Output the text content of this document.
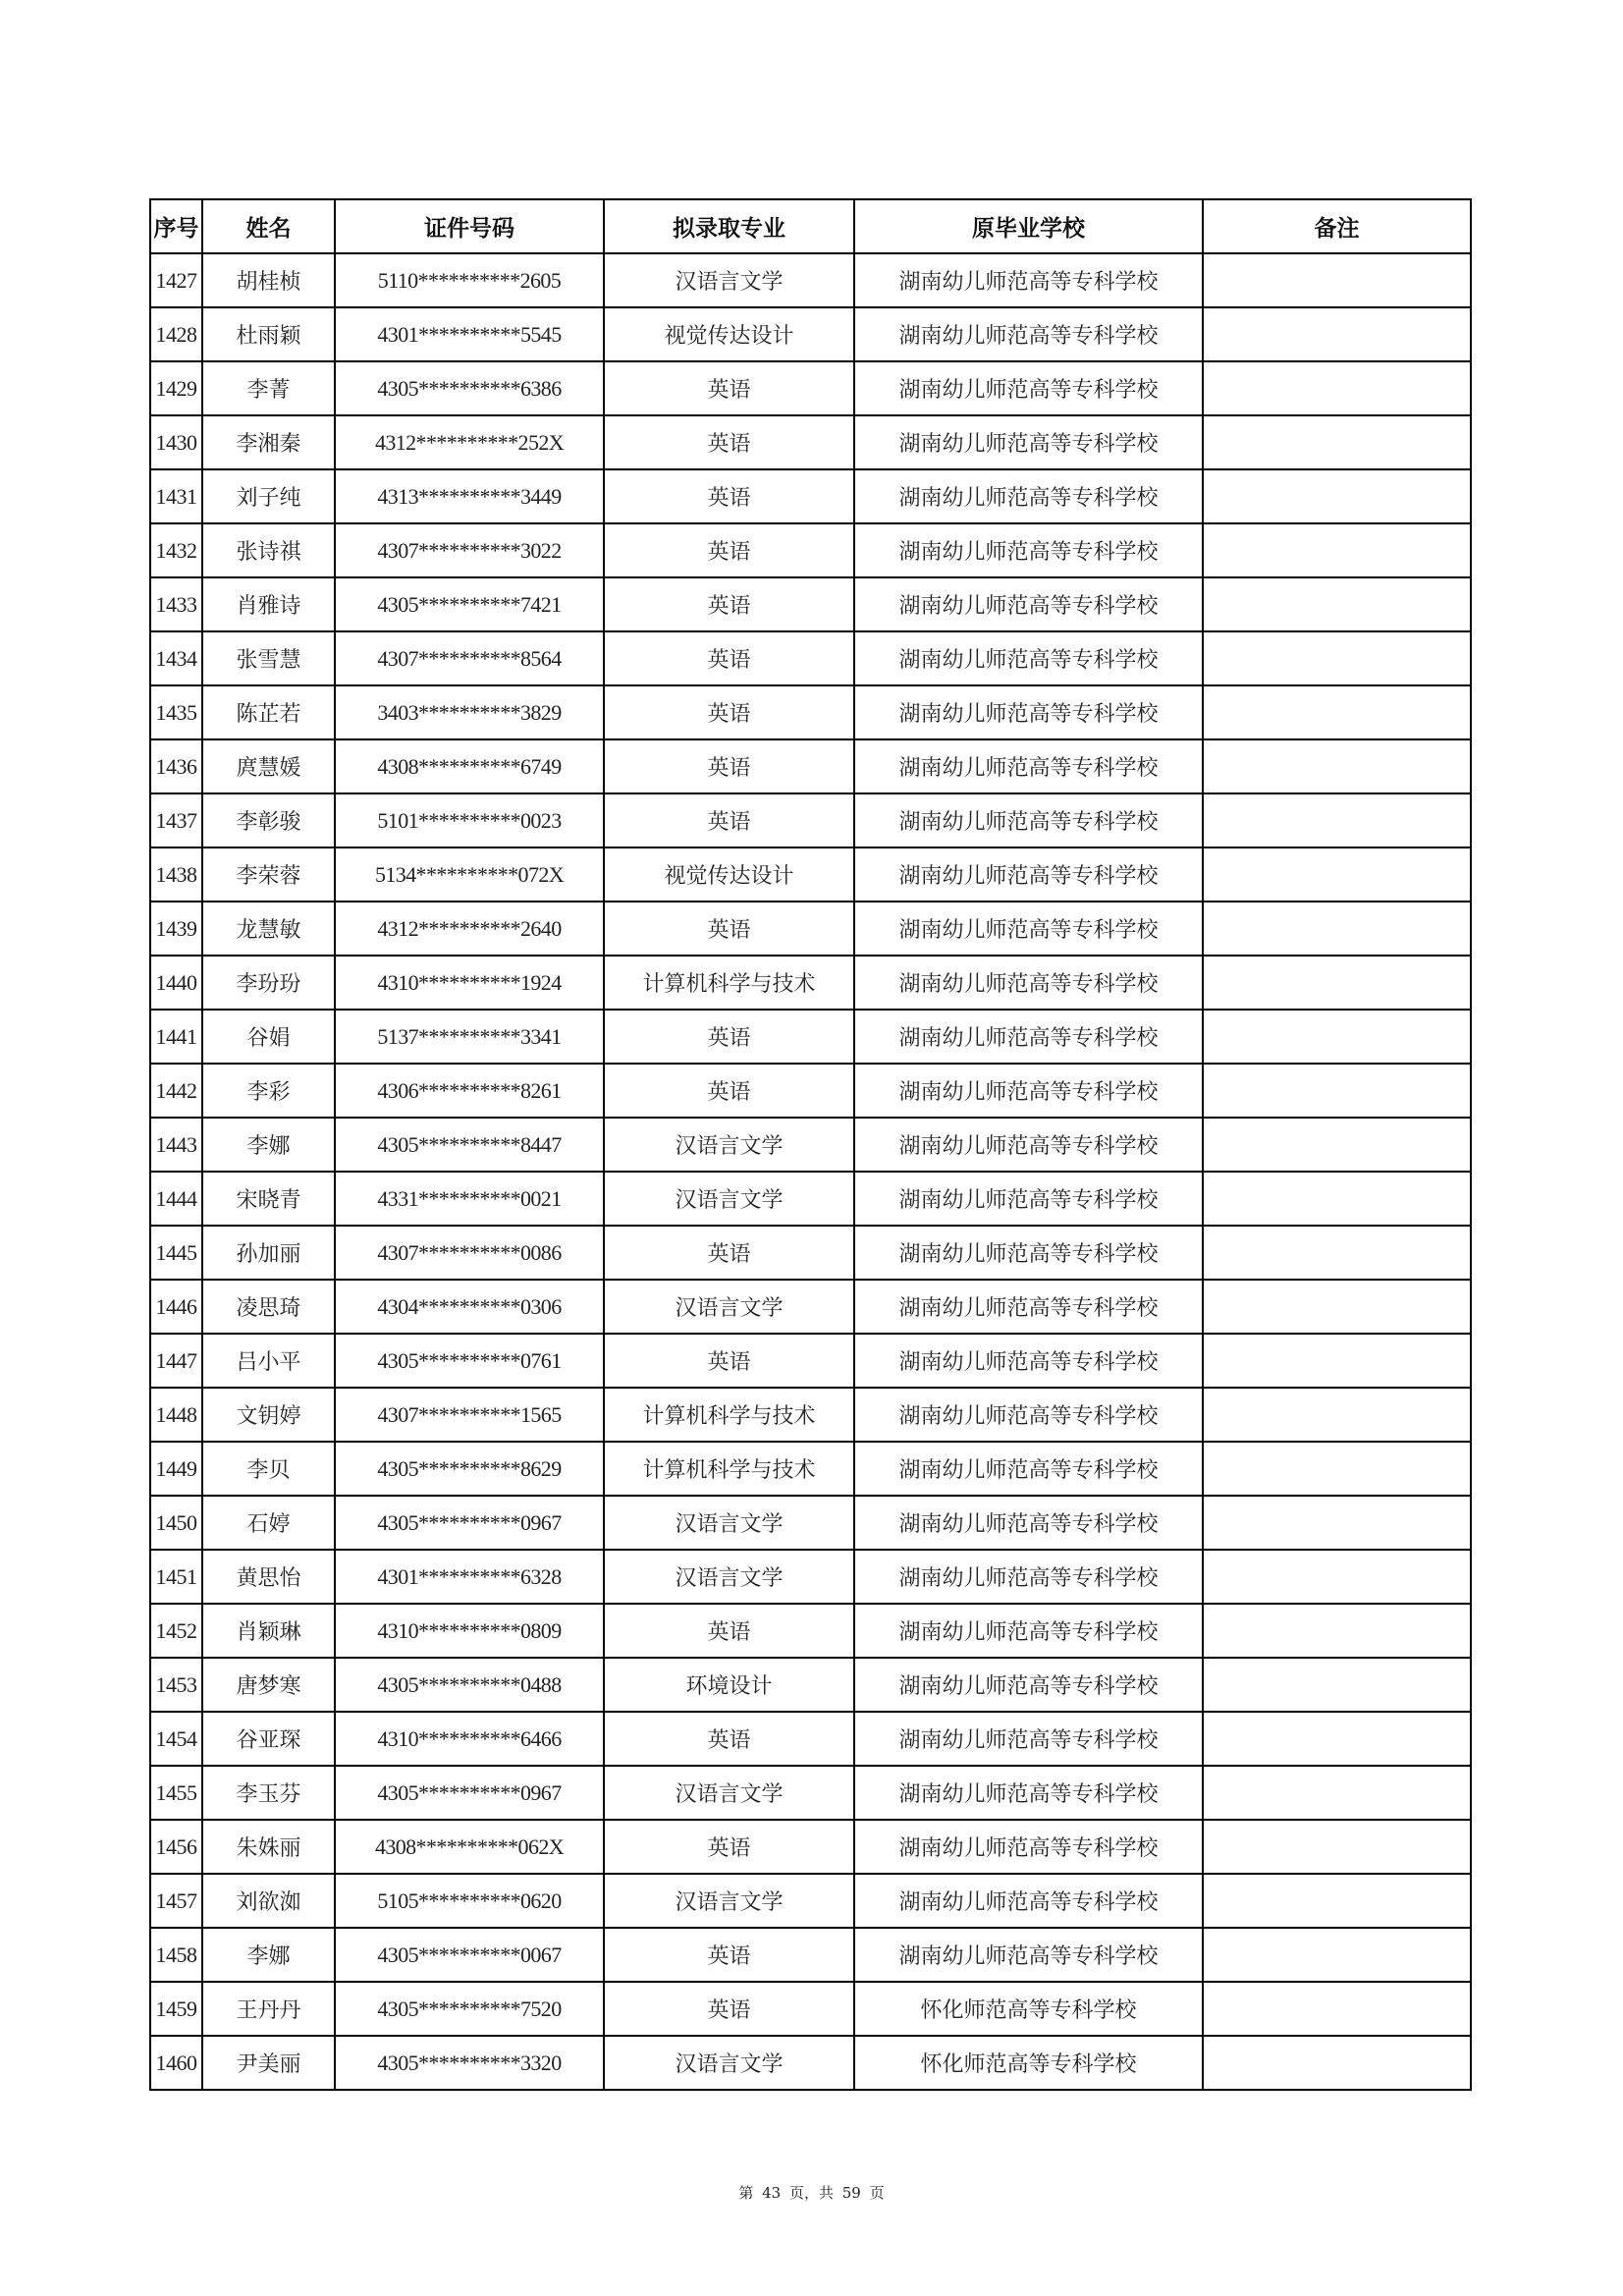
序号	姓名	证件号码	拟录取专业	原毕业学校	备注
1427	胡桂桢	5110**********2605	汉语言文学	湖南幼儿师范高等专科学校	
1428	杜雨颖	4301**********5545	视觉传达设计	湖南幼儿师范高等专科学校	
1429	李菁	4305**********6386	英语	湖南幼儿师范高等专科学校	
1430	李湘秦	4312**********252X	英语	湖南幼儿师范高等专科学校	
1431	刘子纯	4313**********3449	英语	湖南幼儿师范高等专科学校	
1432	张诗祺	4307**********3022	英语	湖南幼儿师范高等专科学校	
1433	肖雅诗	4305**********7421	英语	湖南幼儿师范高等专科学校	
1434	张雪慧	4307**********8564	英语	湖南幼儿师范高等专科学校	
1435	陈芷若	3403**********3829	英语	湖南幼儿师范高等专科学校	
1436	庹慧媛	4308**********6749	英语	湖南幼儿师范高等专科学校	
1437	李彰骏	5101**********0023	英语	湖南幼儿师范高等专科学校	
1438	李荣蓉	5134**********072X	视觉传达设计	湖南幼儿师范高等专科学校	
1439	龙慧敏	4312**********2640	英语	湖南幼儿师范高等专科学校	
1440	李玢玢	4310**********1924	计算机科学与技术	湖南幼儿师范高等专科学校	
1441	谷娟	5137**********3341	英语	湖南幼儿师范高等专科学校	
1442	李彩	4306**********8261	英语	湖南幼儿师范高等专科学校	
1443	李娜	4305**********8447	汉语言文学	湖南幼儿师范高等专科学校	
1444	宋晓青	4331**********0021	汉语言文学	湖南幼儿师范高等专科学校	
1445	孙加丽	4307**********0086	英语	湖南幼儿师范高等专科学校	
1446	凌思琦	4304**********0306	汉语言文学	湖南幼儿师范高等专科学校	
1447	吕小平	4305**********0761	英语	湖南幼儿师范高等专科学校	
1448	文钥婷	4307**********1565	计算机科学与技术	湖南幼儿师范高等专科学校	
1449	李贝	4305**********8629	计算机科学与技术	湖南幼儿师范高等专科学校	
1450	石婷	4305**********0967	汉语言文学	湖南幼儿师范高等专科学校	
1451	黄思怡	4301**********6328	汉语言文学	湖南幼儿师范高等专科学校	
1452	肖颖琳	4310**********0809	英语	湖南幼儿师范高等专科学校	
1453	唐梦寒	4305**********0488	环境设计	湖南幼儿师范高等专科学校	
1454	谷亚琛	4310**********6466	英语	湖南幼儿师范高等专科学校	
1455	李玉芬	4305**********0967	汉语言文学	湖南幼儿师范高等专科学校	
1456	朱姝丽	4308**********062X	英语	湖南幼儿师范高等专科学校	
1457	刘欲洳	5105**********0620	汉语言文学	湖南幼儿师范高等专科学校	
1458	李娜	4305**********0067	英语	湖南幼儿师范高等专科学校	
1459	王丹丹	4305**********7520	英语	怀化师范高等专科学校	
1460	尹美丽	4305**********3320	汉语言文学	怀化师范高等专科学校	
第 43 页，共 59 页
